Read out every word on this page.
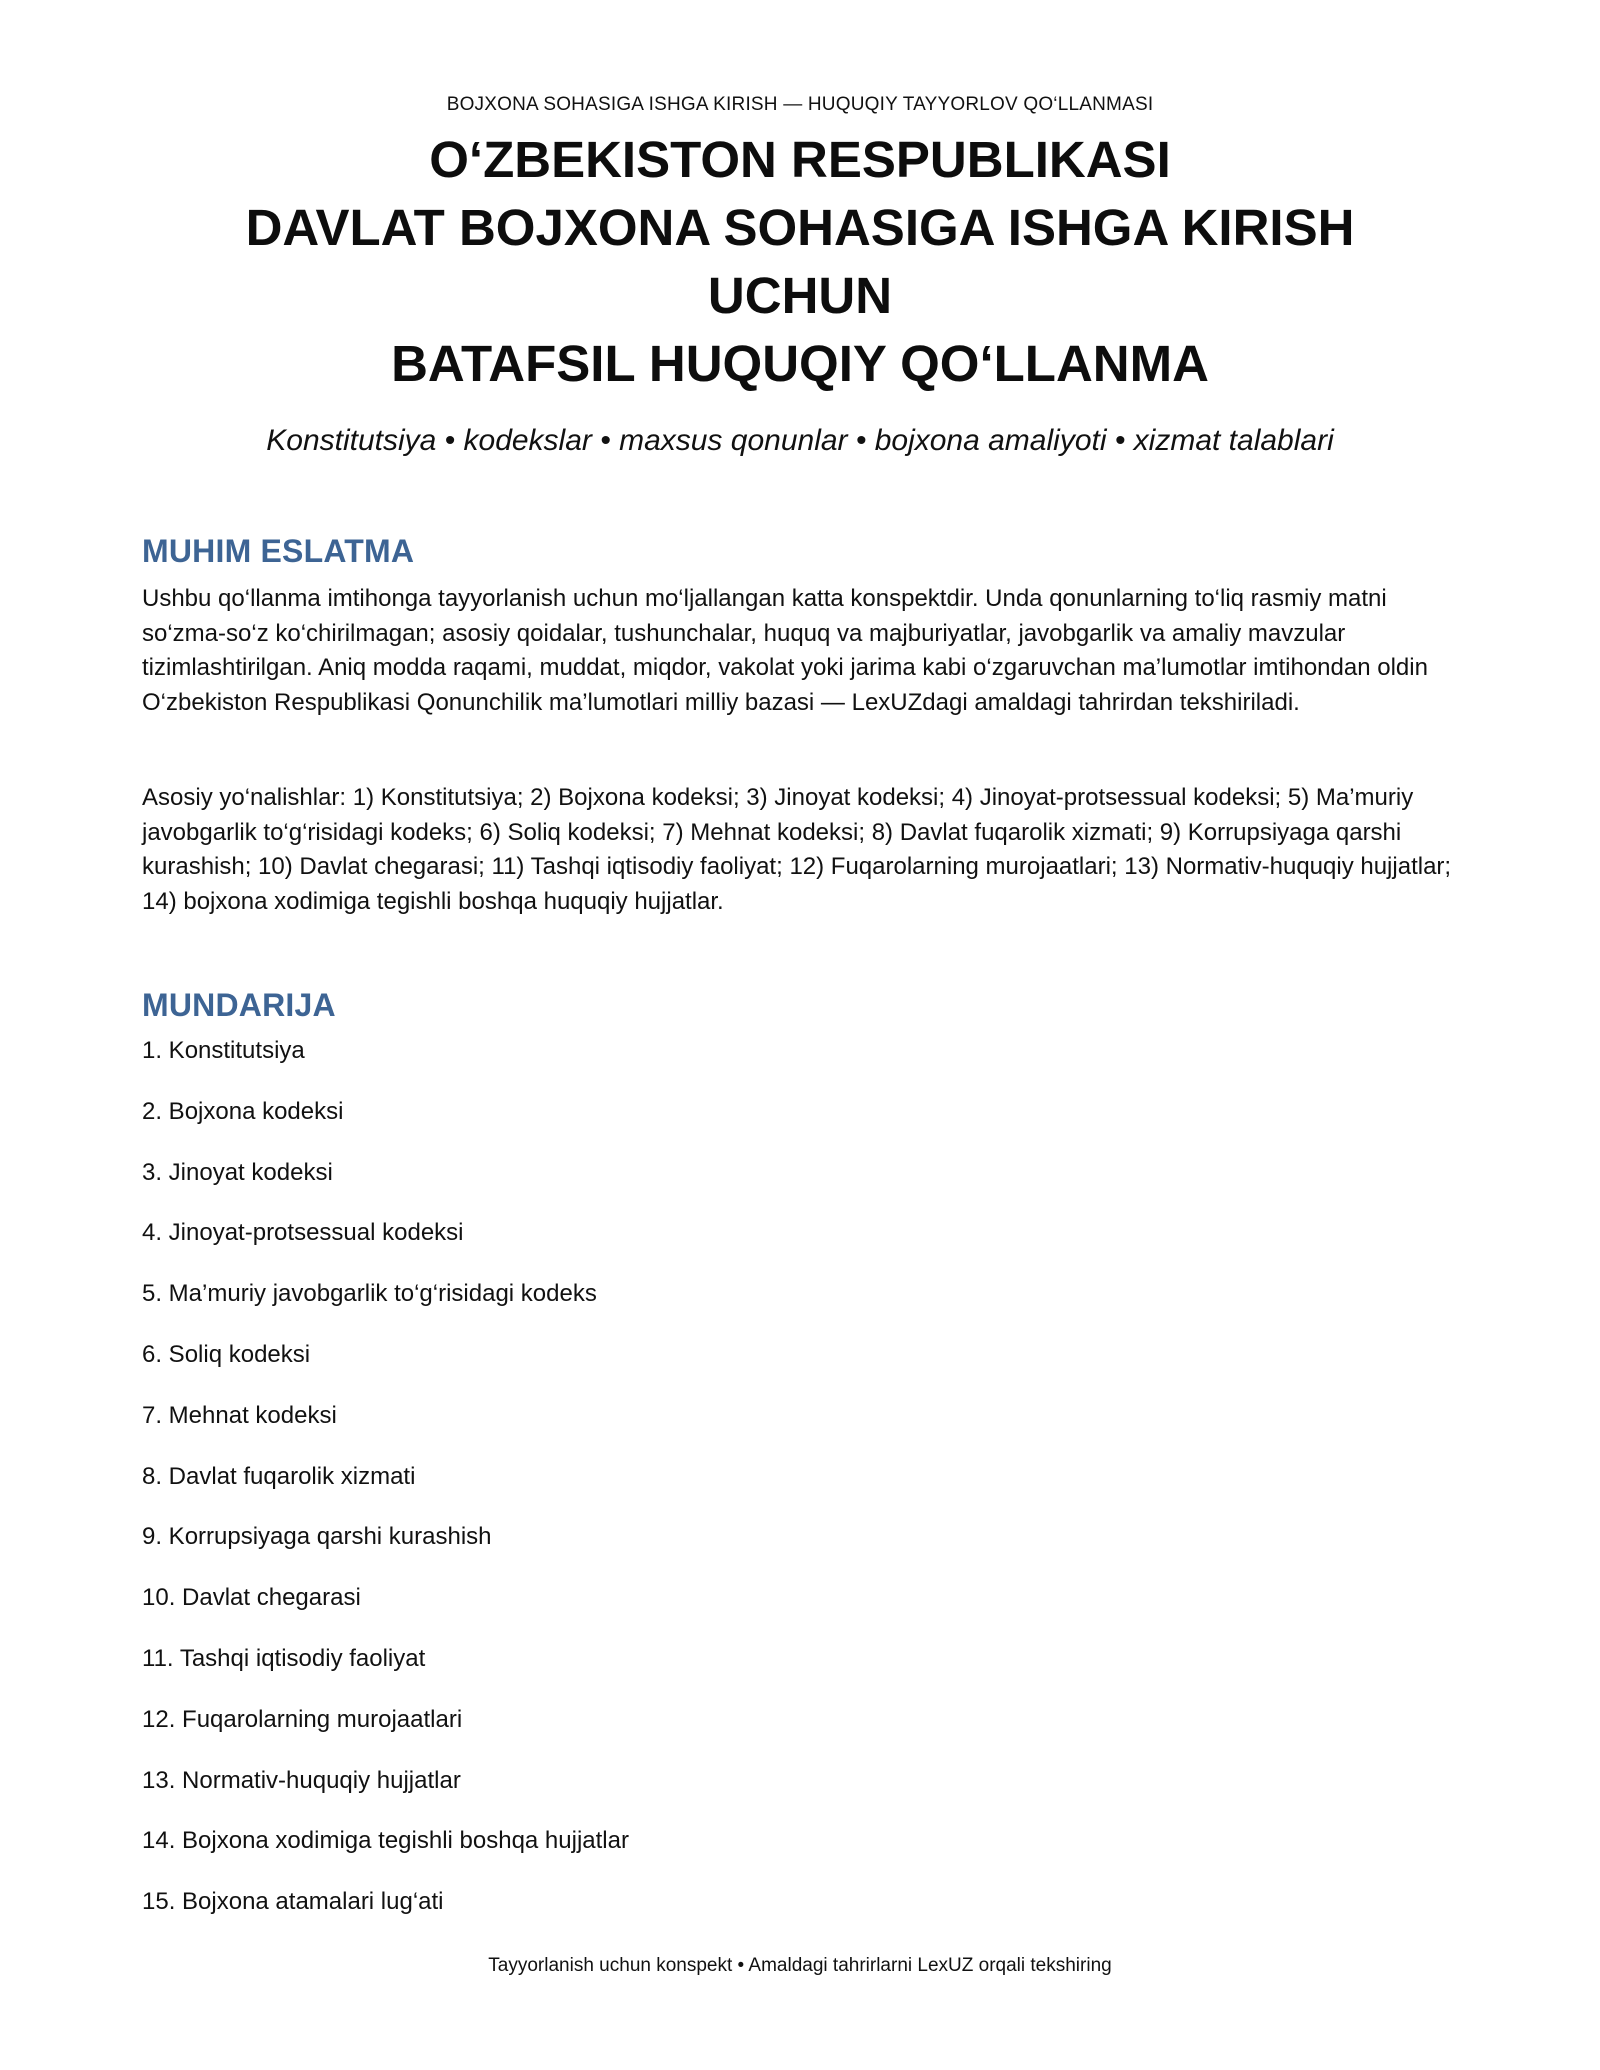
BOJXONA SOHASIGA ISHGA KIRISH — HUQUQIY TAYYORLOV QO‘LLANMASI
O‘ZBEKISTON RESPUBLIKASI
DAVLAT BOJXONA SOHASIGA ISHGA KIRISH
UCHUN
BATAFSIL HUQUQIY QO‘LLANMA
Konstitutsiya • kodekslar • maxsus qonunlar • bojxona amaliyoti • xizmat talablari
MUHIM ESLATMA

Ushbu qo‘llanma imtihonga tayyorlanish uchun mo‘ljallangan katta konspektdir. Unda qonunlarning to‘liq rasmiy matni so‘zma-so‘z ko‘chirilmagan; asosiy qoidalar, tushunchalar, huquq va majburiyatlar, javobgarlik va amaliy mavzular tizimlashtirilgan. Aniq modda raqami, muddat, miqdor, vakolat yoki jarima kabi o‘zgaruvchan ma’lumotlar imtihondan oldin O‘zbekiston Respublikasi Qonunchilik ma’lumotlari milliy bazasi — LexUZdagi amaldagi tahrirdan tekshiriladi.

Asosiy yo‘nalishlar: 1) Konstitutsiya; 2) Bojxona kodeksi; 3) Jinoyat kodeksi; 4) Jinoyat-protsessual kodeksi; 5) Ma’muriy javobgarlik to‘g‘risidagi kodeks; 6) Soliq kodeksi; 7) Mehnat kodeksi; 8) Davlat fuqarolik xizmati; 9) Korrupsiyaga qarshi kurashish; 10) Davlat chegarasi; 11) Tashqi iqtisodiy faoliyat; 12) Fuqarolarning murojaatlari; 13) Normativ-huquqiy hujjatlar; 14) bojxona xodimiga tegishli boshqa huquqiy hujjatlar.

MUNDARIJA
1. Konstitutsiya
2. Bojxona kodeksi
3. Jinoyat kodeksi
4. Jinoyat-protsessual kodeksi
5. Ma’muriy javobgarlik to‘g‘risidagi kodeks
6. Soliq kodeksi
7. Mehnat kodeksi
8. Davlat fuqarolik xizmati
9. Korrupsiyaga qarshi kurashish
10. Davlat chegarasi
11. Tashqi iqtisodiy faoliyat
12. Fuqarolarning murojaatlari
13. Normativ-huquqiy hujjatlar
14. Bojxona xodimiga tegishli boshqa hujjatlar
15. Bojxona atamalari lug‘ati
Tayyorlanish uchun konspekt • Amaldagi tahrirlarni LexUZ orqali tekshiring
